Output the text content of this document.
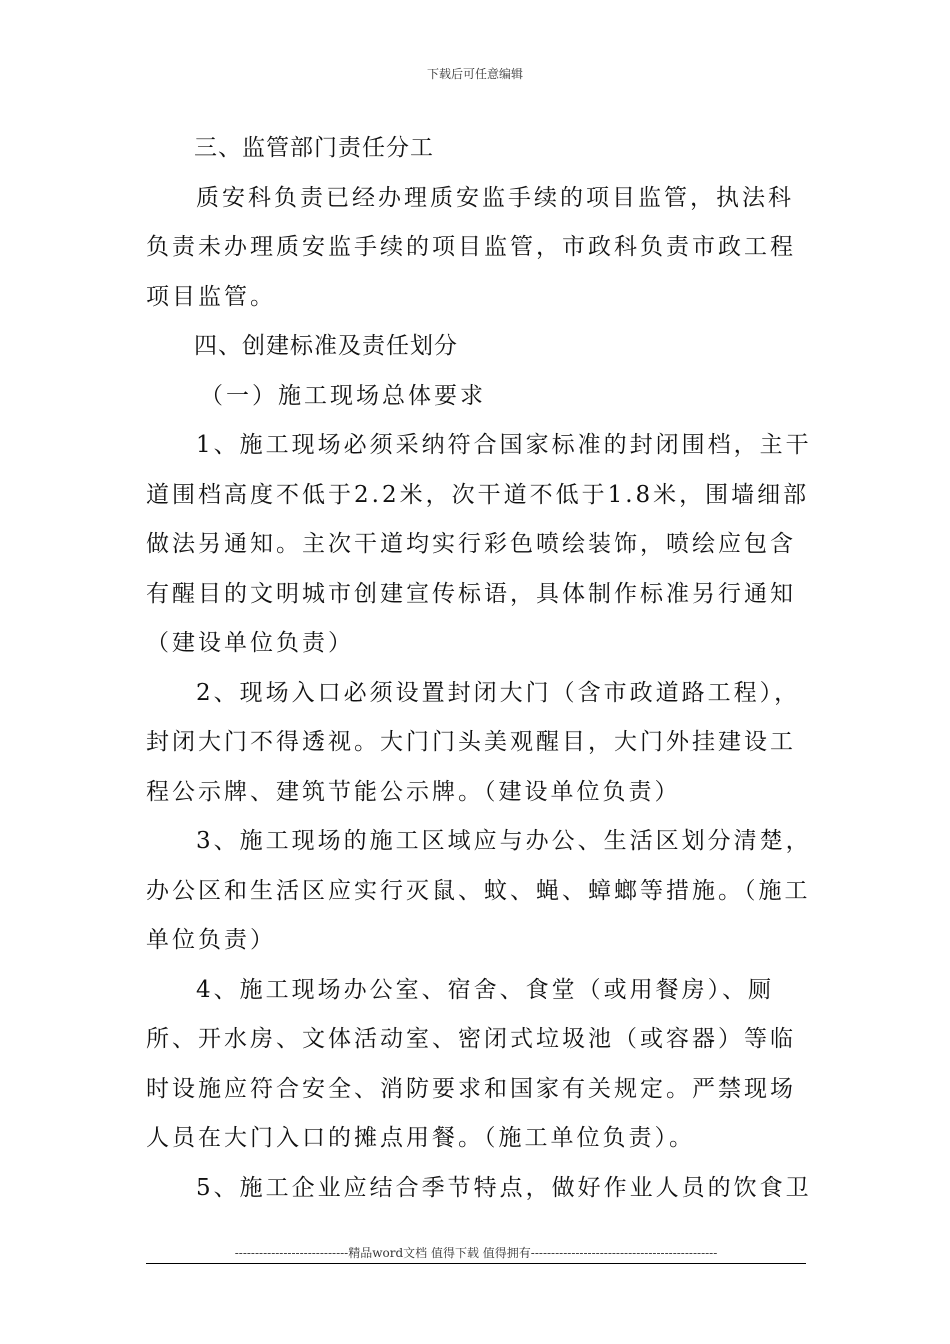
下载后可任意编辑

三、监管部门责任分工

质安科负责已经办理质安监手续的项目监管，执法科负责未办理质安监手续的项目监管，市政科负责市政工程项目监管。

四、创建标准及责任划分

（一）施工现场总体要求

1、施工现场必须采纳符合国家标准的封闭围档，主干道围档高度不低于2.2米，次干道不低于1.8米，围墙细部做法另通知。主次干道均实行彩色喷绘装饰，喷绘应包含有醒目的文明城市创建宣传标语，具体制作标准另行通知（建设单位负责）

2、现场入口必须设置封闭大门（含市政道路工程），封闭大门不得透视。大门门头美观醒目，大门外挂建设工程公示牌、建筑节能公示牌。（建设单位负责）

3、施工现场的施工区域应与办公、生活区划分清楚，办公区和生活区应实行灭鼠、蚊、蝇、蟑螂等措施。（施工单位负责）

4、施工现场办公室、宿舍、食堂（或用餐房）、厕所、开水房、文体活动室、密闭式垃圾池（或容器）等临时设施应符合安全、消防要求和国家有关规定。严禁现场人员在大门入口的摊点用餐。（施工单位负责）。

5、施工企业应结合季节特点，做好作业人员的饮食卫

----------------------------精品word文档 值得下载 值得拥有----------------------------------------------
